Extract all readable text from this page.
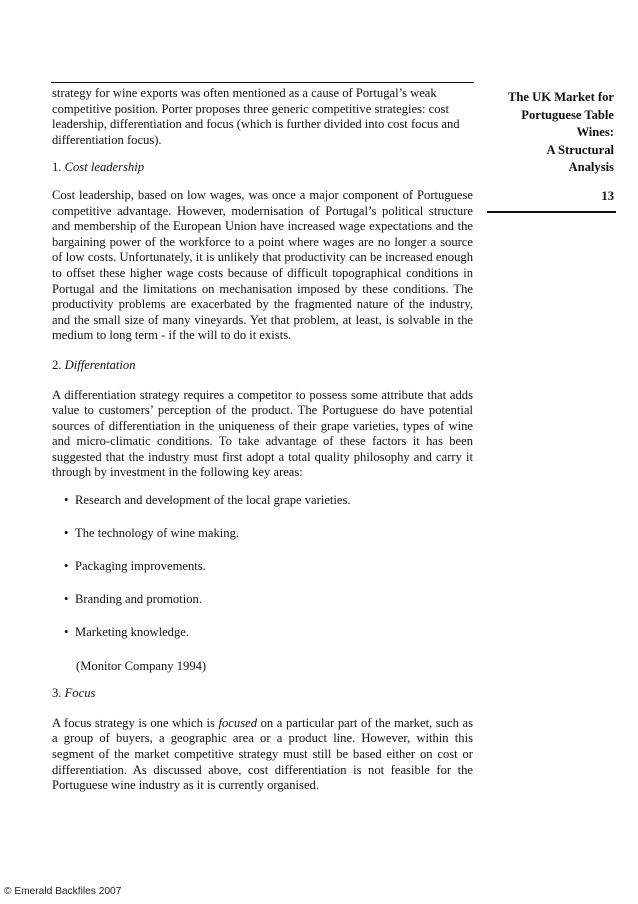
strategy for wine exports was often mentioned as a cause of Portugal’s weak competitive position. Porter proposes three generic competitive strategies: cost leadership, differentiation and focus (which is further divided into cost focus and differentiation focus).

1. Cost leadership

Cost leadership, based on low wages, was once a major component of Portuguese competitive advantage. However, modernisation of Portugal’s political structure and membership of the European Union have increased wage expectations and the bargaining power of the workforce to a point where wages are no longer a source of low costs. Unfortunately, it is unlikely that productivity can be increased enough to offset these higher wage costs because of difficult topographical conditions in Portugal and the limitations on mechanisation imposed by these conditions. The productivity problems are exacerbated by the fragmented nature of the industry, and the small size of many vineyards. Yet that problem, at least, is solvable in the medium to long term - if the will to do it exists.

2. Differentation

A differentiation strategy requires a competitor to possess some attribute that adds value to customers’ perception of the product. The Portuguese do have potential sources of differentiation in the uniqueness of their grape varieties, types of wine and micro-climatic conditions. To take advantage of these factors it has been suggested that the industry must first adopt a total quality philosophy and carry it through by investment in the following key areas:

• Research and development of the local grape varieties.
• The technology of wine making.
• Packaging improvements.
• Branding and promotion.
• Marketing knowledge.

(Monitor Company 1994)

3. Focus

A focus strategy is one which is focused on a particular part of the market, such as a group of buyers, a geographic area or a product line. However, within this segment of the market competitive strategy must still be based either on cost or differentiation. As discussed above, cost differentiation is not feasible for the Portuguese wine industry as it is currently organised.

The UK Market for
Portuguese Table
Wines:
A Structural
Analysis
13
© Emerald Backfiles 2007
